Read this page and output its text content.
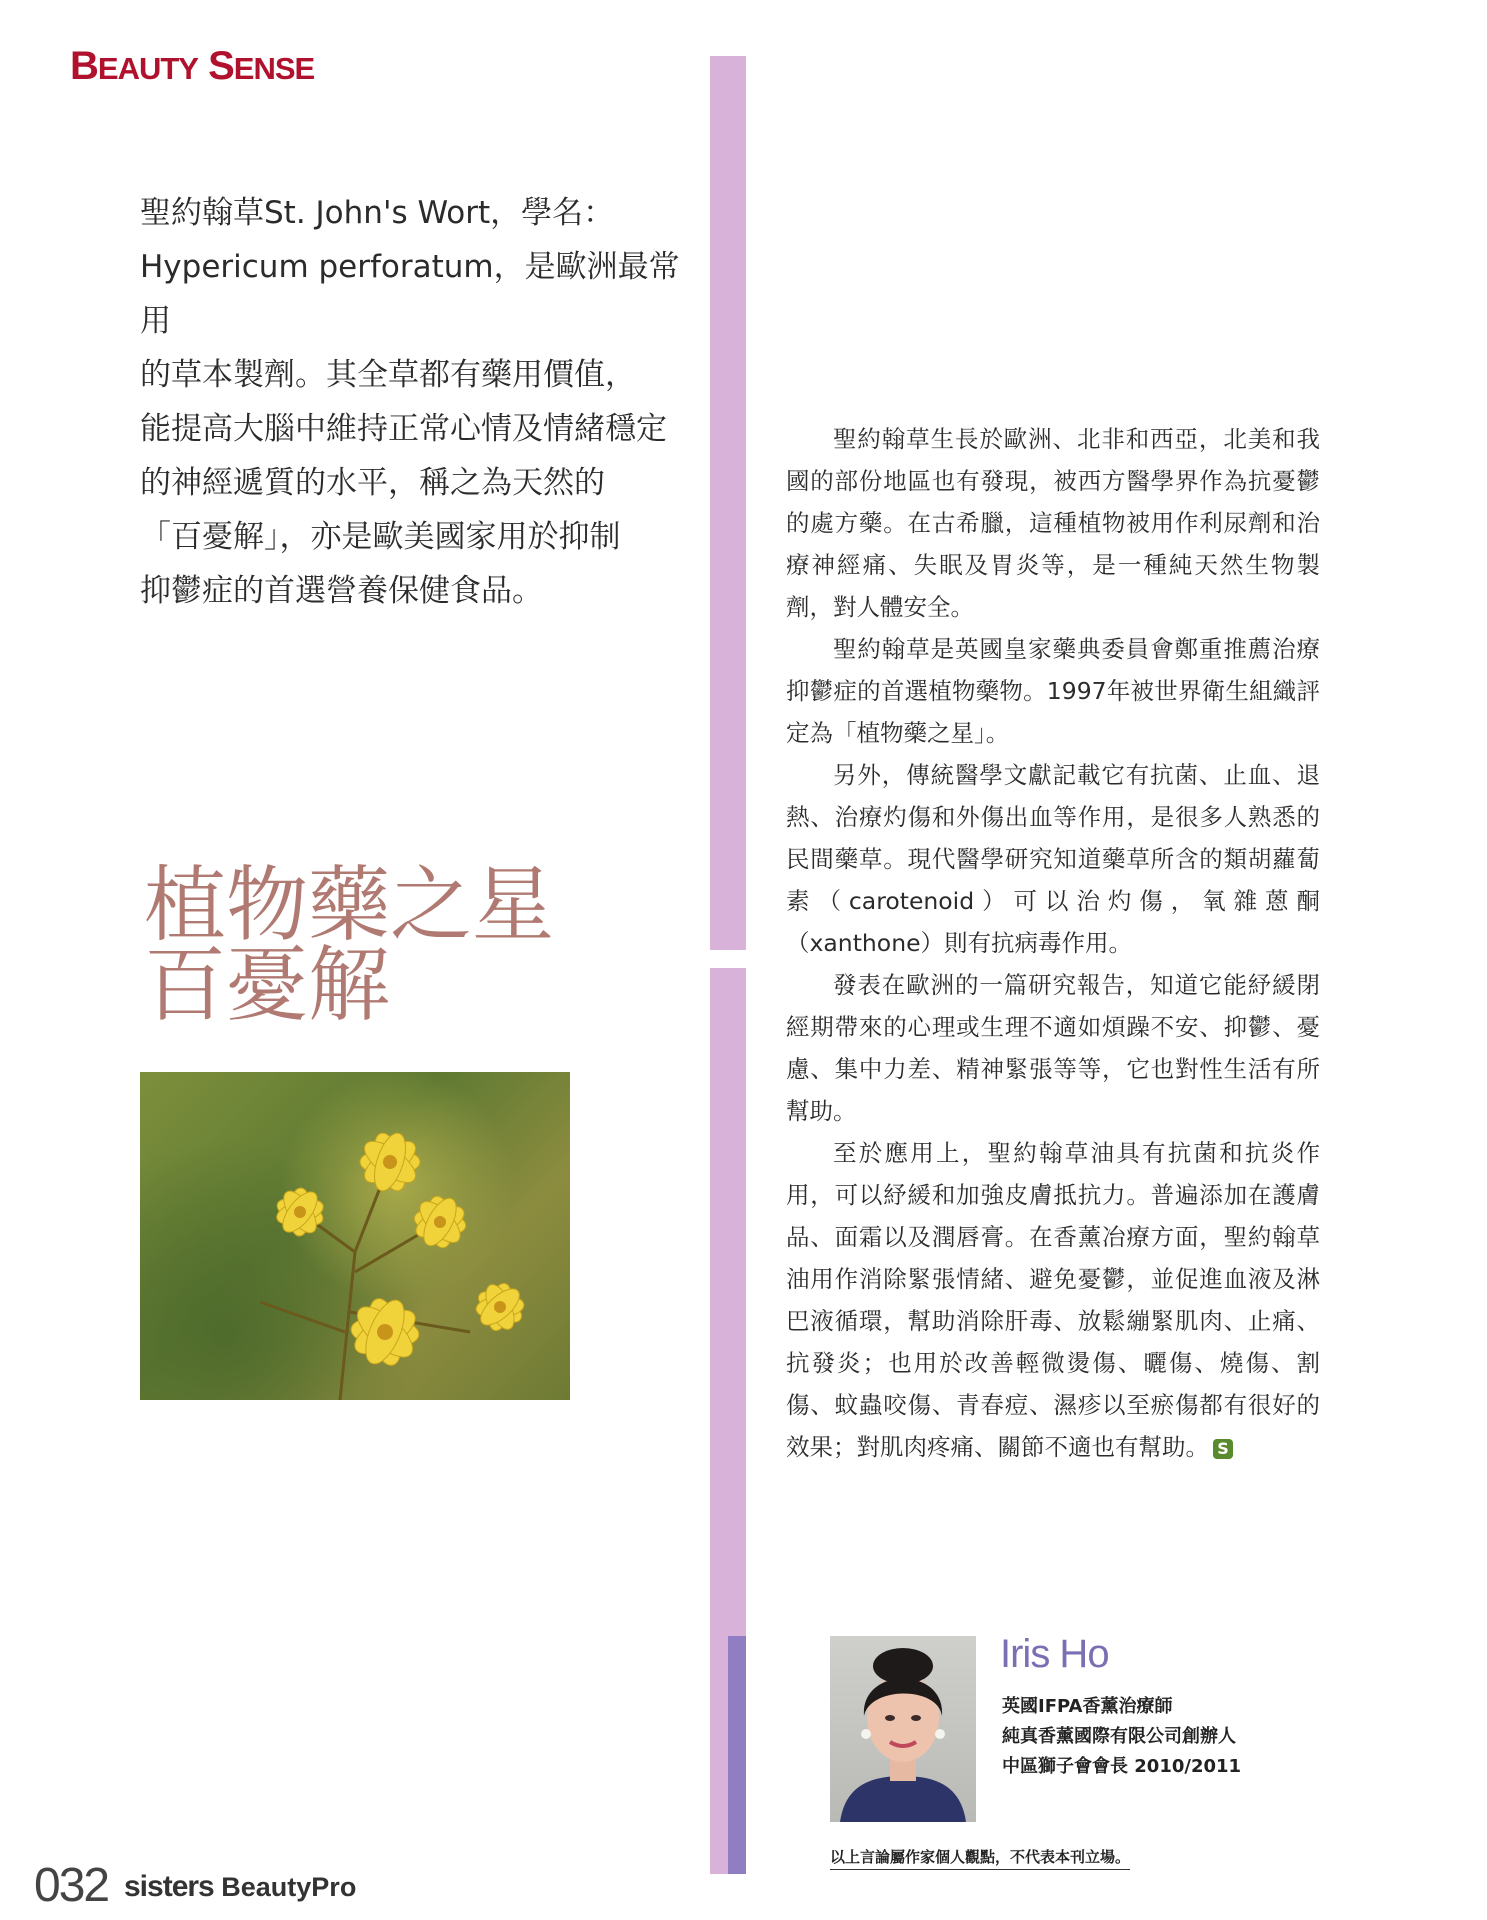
BEAUTY SENSE

聖約翰草St. John's Wort，學名：

Hypericum perforatum，是歐洲最常用

的草本製劑。其全草都有藥用價值，

能提高大腦中維持正常心情及情緒穩定

的神經遞質的水平，稱之為天然的

「百憂解」，亦是歐美國家用於抑制

抑鬱症的首選營養保健食品。

植物藥之星
百憂解

聖約翰草生長於歐洲、北非和西亞，北美和我國的部份地區也有發現，被西方醫學界作為抗憂鬱的處方藥。在古希臘，這種植物被用作利尿劑和治療神經痛、失眠及胃炎等，是一種純天然生物製劑，對人體安全。

聖約翰草是英國皇家藥典委員會鄭重推薦治療抑鬱症的首選植物藥物。1997年被世界衛生組織評定為「植物藥之星」。

另外，傳統醫學文獻記載它有抗菌、止血、退熱、治療灼傷和外傷出血等作用，是很多人熟悉的民間藥草。現代醫學研究知道藥草所含的類胡蘿蔔素（carotenoid）可以治灼傷，氧雜蒽酮（xanthone）則有抗病毒作用。

發表在歐洲的一篇研究報告，知道它能紓緩閉經期帶來的心理或生理不適如煩躁不安、抑鬱、憂慮、集中力差、精神緊張等等，它也對性生活有所幫助。

至於應用上，聖約翰草油具有抗菌和抗炎作用，可以紓緩和加強皮膚抵抗力。普遍添加在護膚品、面霜以及潤唇膏。在香薰冶療方面，聖約翰草油用作消除緊張情緒、避免憂鬱，並促進血液及淋巴液循環，幫助消除肝毒、放鬆繃緊肌肉、止痛、抗發炎；也用於改善輕微燙傷、曬傷、燒傷、割傷、蚊蟲咬傷、青春痘、濕疹以至瘀傷都有很好的效果；對肌肉疼痛、關節不適也有幫助。 S

Iris Ho
英國IFPA香薰治療師
純真香薰國際有限公司創辦人
中區獅子會會長 2010/2011
以上言論屬作家個人觀點，不代表本刊立場。
032 sisters BeautyPro
